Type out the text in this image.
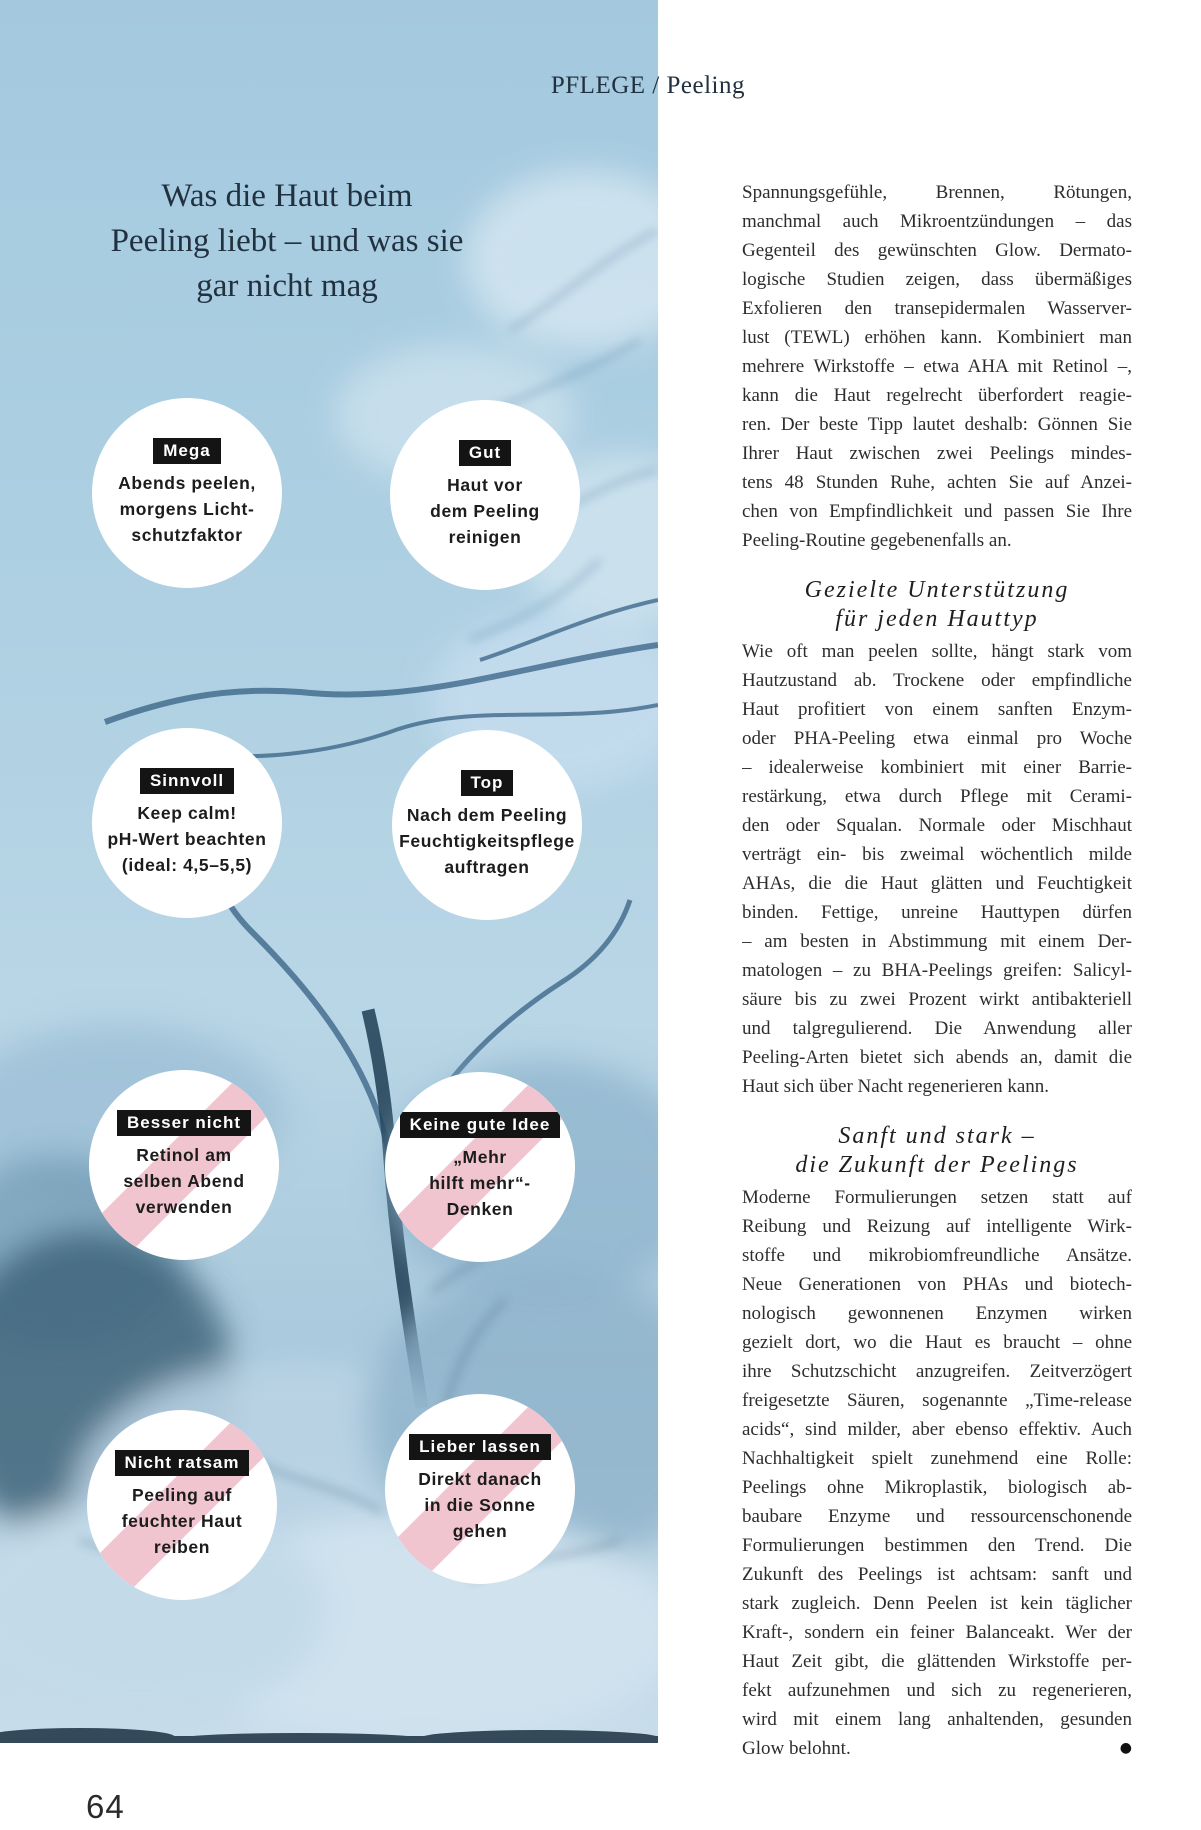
PFLEGE / Peeling
Was die Haut beim
Peeling liebt – und was sie
gar nicht mag
Mega
Abends peelen,
morgens Licht-
schutzfaktor
Gut
Haut vor
dem Peeling
reinigen
Sinnvoll
Keep calm!
pH-Wert beachten
(ideal: 4,5–5,5)
Top
Nach dem Peeling
Feuchtigkeitspflege
auftragen
Besser nicht
Retinol am
selben Abend
verwenden
Keine gute Idee
„Mehr
hilft mehr“-
Denken
Nicht ratsam
Peeling auf
feuchter Haut
reiben
Lieber lassen
Direkt danach
in die Sonne
gehen
Spannungsgefühle, Brennen, Rötungen,
manchmal auch Mikroentzündungen – das
Gegenteil des gewünschten Glow. Dermato-
logische Studien zeigen, dass übermäßiges
Exfolieren den transepidermalen Wasserver-
lust (TEWL) erhöhen kann. Kombiniert man
mehrere Wirkstoffe – etwa AHA mit Retinol –,
kann die Haut regelrecht überfordert reagie-
ren. Der beste Tipp lautet deshalb: Gönnen Sie
Ihrer Haut zwischen zwei Peelings mindes-
tens 48 Stunden Ruhe, achten Sie auf Anzei-
chen von Empfindlichkeit und passen Sie Ihre
Peeling-Routine gegebenenfalls an.
Gezielte Unterstützung
für jeden Hauttyp
Wie oft man peelen sollte, hängt stark vom
Hautzustand ab. Trockene oder empfindliche
Haut profitiert von einem sanften Enzym-
oder PHA-Peeling etwa einmal pro Woche
– idealerweise kombiniert mit einer Barrie-
restärkung, etwa durch Pflege mit Cerami-
den oder Squalan. Normale oder Mischhaut
verträgt ein- bis zweimal wöchentlich milde
AHAs, die die Haut glätten und Feuchtigkeit
binden. Fettige, unreine Hauttypen dürfen
– am besten in Abstimmung mit einem Der-
matologen – zu BHA-Peelings greifen: Salicyl-
säure bis zu zwei Prozent wirkt antibakteriell
und talgregulierend. Die Anwendung aller
Peeling-Arten bietet sich abends an, damit die
Haut sich über Nacht regenerieren kann.
Sanft und stark –
die Zukunft der Peelings
Moderne Formulierungen setzen statt auf
Reibung und Reizung auf intelligente Wirk-
stoffe und mikrobiomfreundliche Ansätze.
Neue Generationen von PHAs und biotech-
nologisch gewonnenen Enzymen wirken
gezielt dort, wo die Haut es braucht – ohne
ihre Schutzschicht anzugreifen. Zeitverzögert
freigesetzte Säuren, sogenannte „Time-release
acids“, sind milder, aber ebenso effektiv. Auch
Nachhaltigkeit spielt zunehmend eine Rolle:
Peelings ohne Mikroplastik, biologisch ab-
baubare Enzyme und ressourcenschonende
Formulierungen bestimmen den Trend. Die
Zukunft des Peelings ist achtsam: sanft und
stark zugleich. Denn Peelen ist kein täglicher
Kraft-, sondern ein feiner Balanceakt. Wer der
Haut Zeit gibt, die glättenden Wirkstoffe per-
fekt aufzunehmen und sich zu regenerieren,
wird mit einem lang anhaltenden, gesunden
Glow belohnt.	●
64
